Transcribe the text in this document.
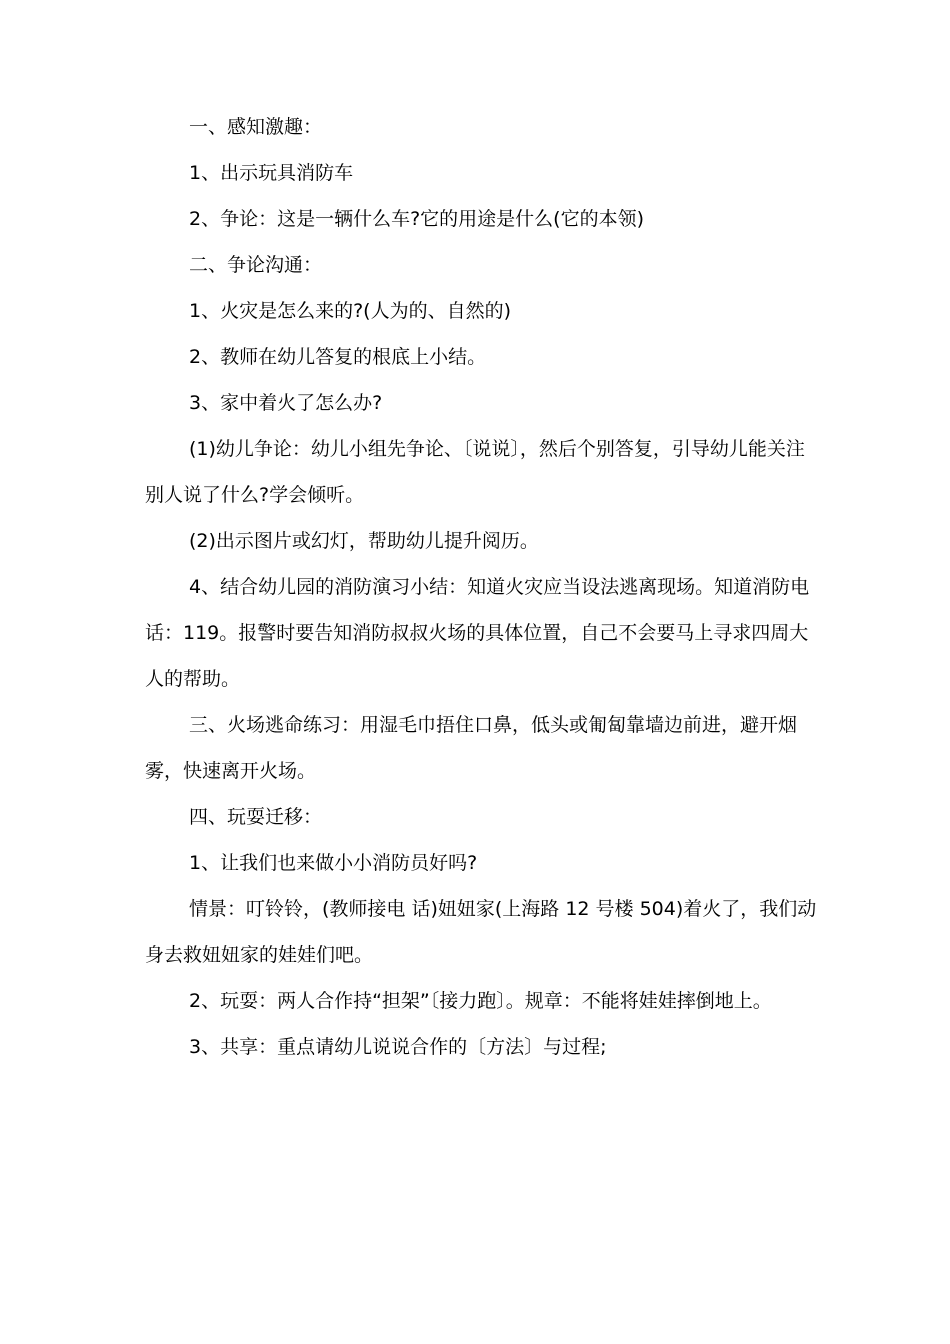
一、感知激趣：

1、出示玩具消防车

2、争论：这是一辆什么车?它的用途是什么(它的本领)

二、争论沟通：

1、火灾是怎么来的?(人为的、自然的)

2、教师在幼儿答复的根底上小结。

3、家中着火了怎么办?

(1)幼儿争论：幼儿小组先争论、〔说说〕，然后个别答复，引导幼儿能关注别人说了什么?学会倾听。

(2)出示图片或幻灯，帮助幼儿提升阅历。

4、结合幼儿园的消防演习小结：知道火灾应当设法逃离现场。知道消防电 话：119。报警时要告知消防叔叔火场的具体位置，自己不会要马上寻求四周大人的帮助。

三、火场逃命练习：用湿毛巾捂住口鼻，低头或匍匐靠墙边前进，避开烟雾，快速离开火场。

四、玩耍迁移：

1、让我们也来做小小消防员好吗?

情景：叮铃铃，(教师接电 话)妞妞家(上海路 12 号楼 504)着火了，我们动身去救妞妞家的娃娃们吧。

2、玩耍：两人合作持“担架”〔接力跑〕。规章：不能将娃娃摔倒地上。

3、共享：重点请幼儿说说合作的〔方法〕与过程;
